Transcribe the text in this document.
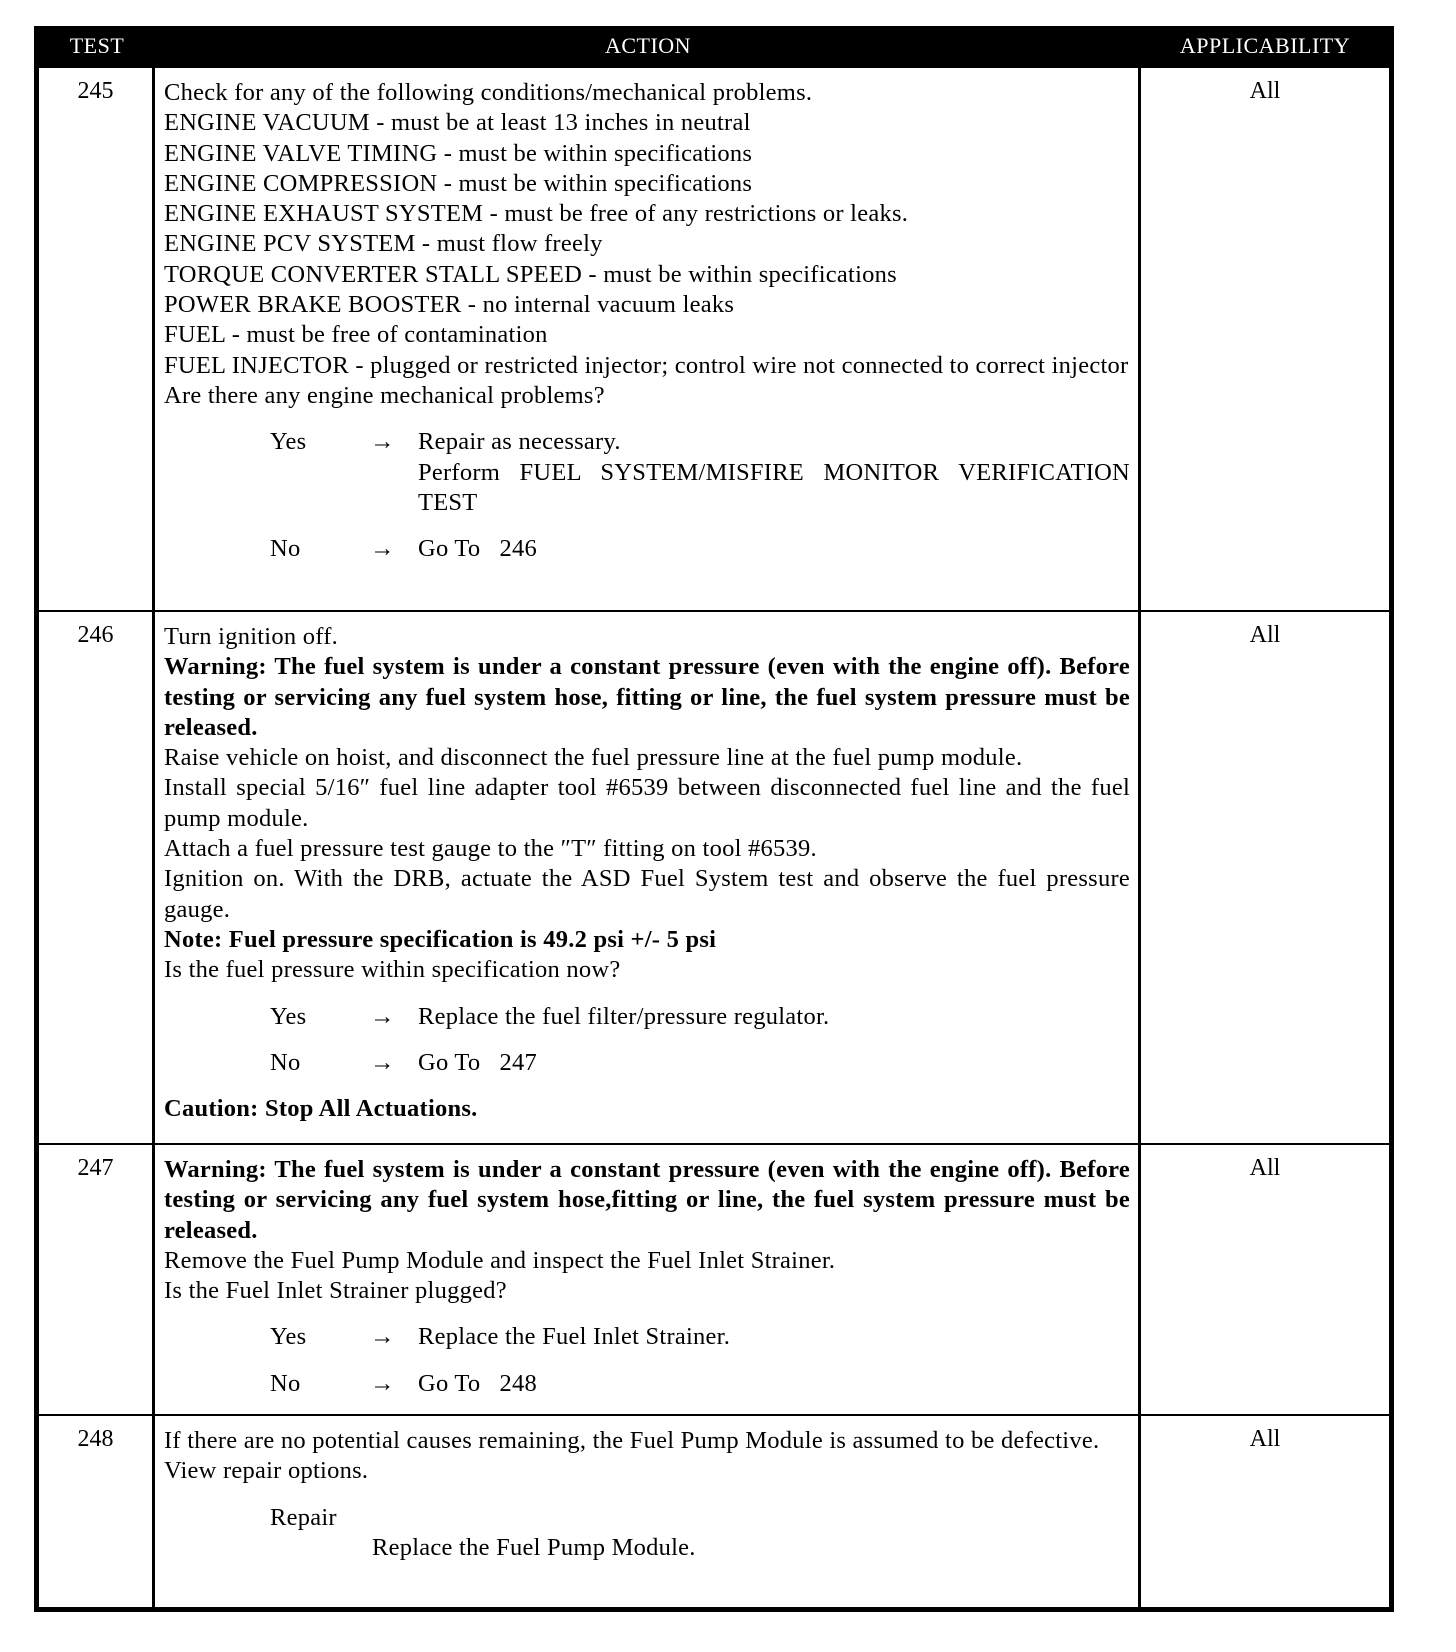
TEST	ACTION	APPLICABILITY
245	Check for any of the following conditions/mechanical problems.
ENGINE VACUUM - must be at least 13 inches in neutral
ENGINE VALVE TIMING - must be within specifications
ENGINE COMPRESSION - must be within specifications
ENGINE EXHAUST SYSTEM - must be free of any restrictions or leaks.
ENGINE PCV SYSTEM - must flow freely
TORQUE CONVERTER STALL SPEED - must be within specifications
POWER BRAKE BOOSTER - no internal vacuum leaks
FUEL - must be free of contamination
FUEL INJECTOR - plugged or restricted injector; control wire not connected to correct injector
Are there any engine mechanical problems?
Yes	→ Repair as necessary.
Perform FUEL SYSTEM/MISFIRE MONITOR VERIFICATION TEST
No	→ Go To   246
All
246	Turn ignition off.
Warning: The fuel system is under a constant pressure (even with the engine off). Before testing or servicing any fuel system hose, fitting or line, the fuel system pressure must be released.
Raise vehicle on hoist, and disconnect the fuel pressure line at the fuel pump module.
Install special 5/16″ fuel line adapter tool #6539 between disconnected fuel line and the fuel pump module.
Attach a fuel pressure test gauge to the ″T″ fitting on tool #6539.
Ignition on. With the DRB, actuate the ASD Fuel System test and observe the fuel pressure gauge.
Note: Fuel pressure specification is 49.2 psi +/- 5 psi
Is the fuel pressure within specification now?
Yes	→ Replace the fuel filter/pressure regulator.
No	→ Go To   247
Caution: Stop All Actuations.
All
247	Warning: The fuel system is under a constant pressure (even with the engine off). Before testing or servicing any fuel system hose,fitting or line, the fuel system pressure must be released.
Remove the Fuel Pump Module and inspect the Fuel Inlet Strainer.
Is the Fuel Inlet Strainer plugged?
Yes	→ Replace the Fuel Inlet Strainer.
No	→ Go To   248
All
248	If there are no potential causes remaining, the Fuel Pump Module is assumed to be defective.
View repair options.
Repair
Replace the Fuel Pump Module.
All
